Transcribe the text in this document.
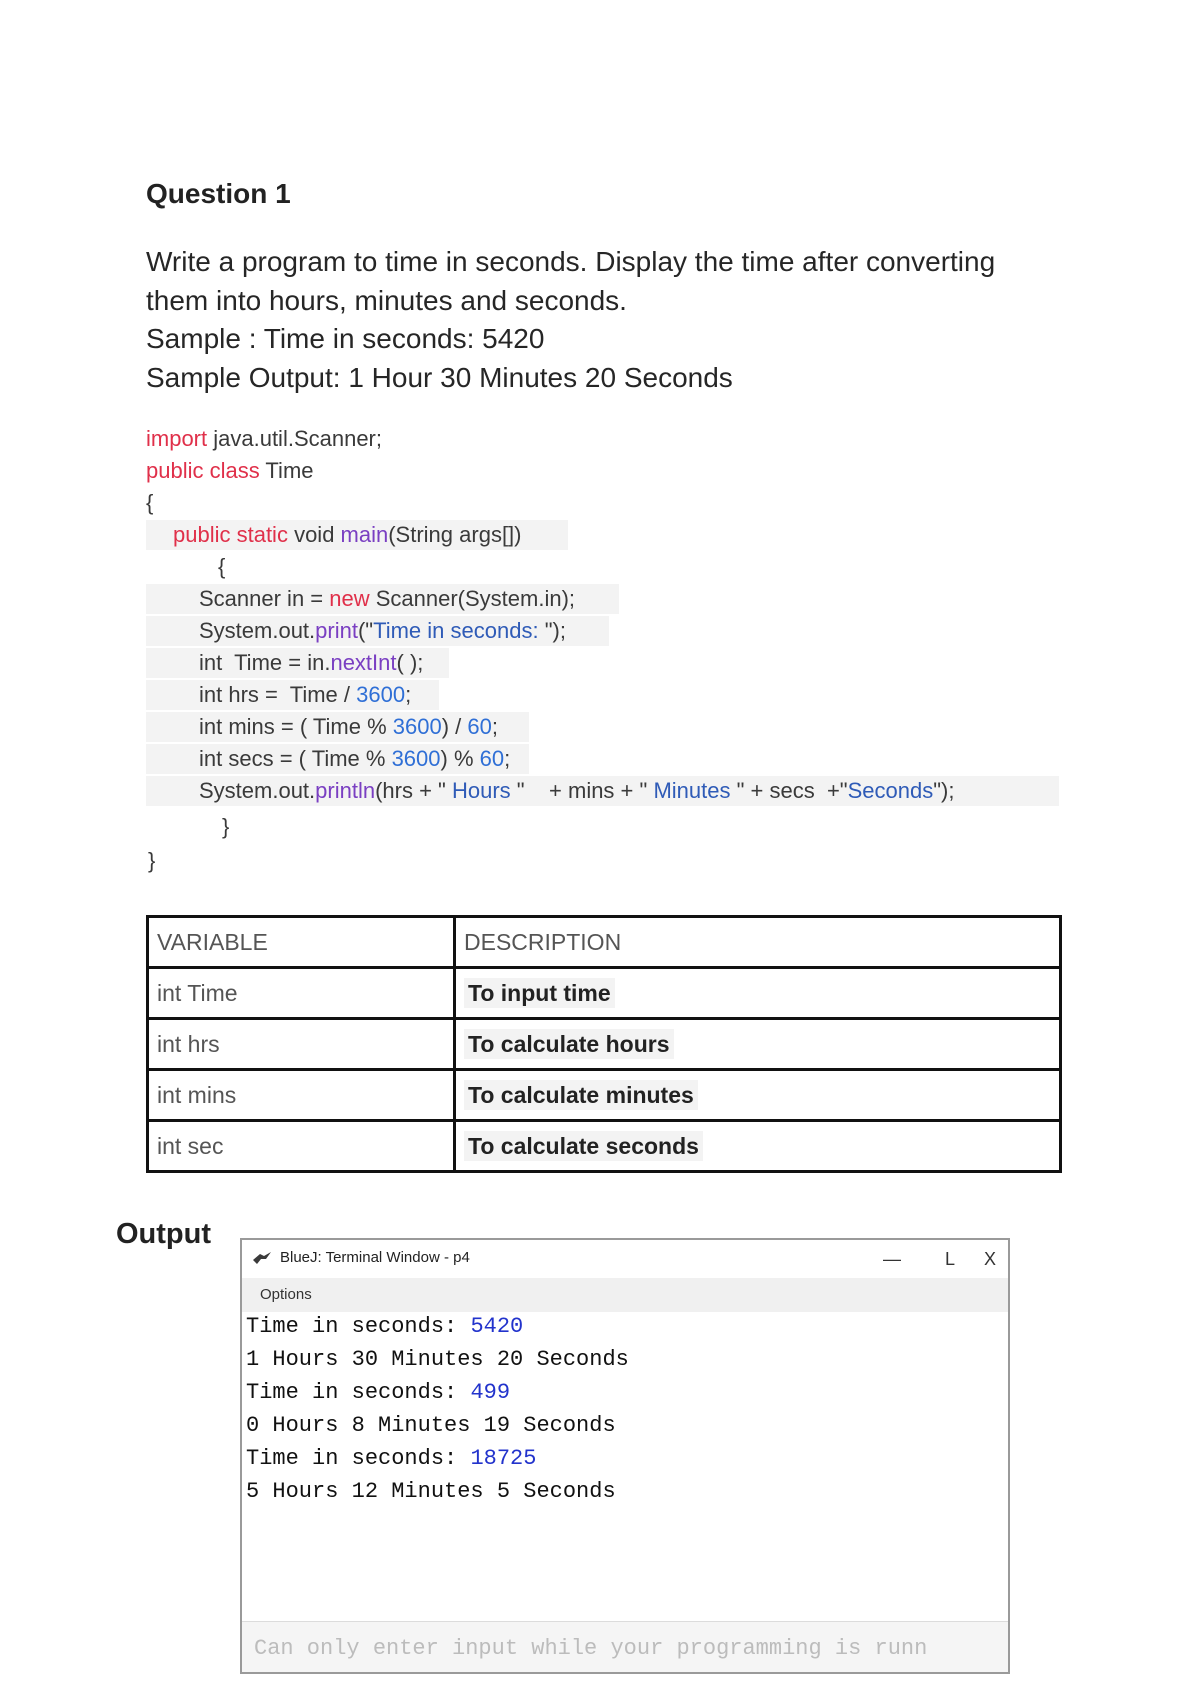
Question 1
Write a program to time in seconds. Display the time after converting
them into hours, minutes and seconds.
Sample : Time in seconds: 5420
Sample Output: 1 Hour 30 Minutes 20 Seconds
import java.util.Scanner;
public class Time
{
public static void main(String args[])
{
Scanner in = new Scanner(System.in);
System.out.print("Time in seconds: ");
int  Time = in.nextInt( );
int hrs =  Time / 3600;
int mins = ( Time % 3600) / 60;
int secs = ( Time % 3600) % 60;
System.out.println(hrs + " Hours "    + mins + " Minutes " + secs  +"Seconds");
}
}
VARIABLE	DESCRIPTION
int Time	To input time
int hrs	To calculate hours
int mins	To calculate minutes
int sec	To calculate seconds
Output
BlueJ: Terminal Window - p4	—	L	X
Options
Time in seconds: 5420
1 Hours 30 Minutes 20 Seconds
Time in seconds: 499
0 Hours 8 Minutes 19 Seconds
Time in seconds: 18725
5 Hours 12 Minutes 5 Seconds
Can only enter input while your programming is runn
